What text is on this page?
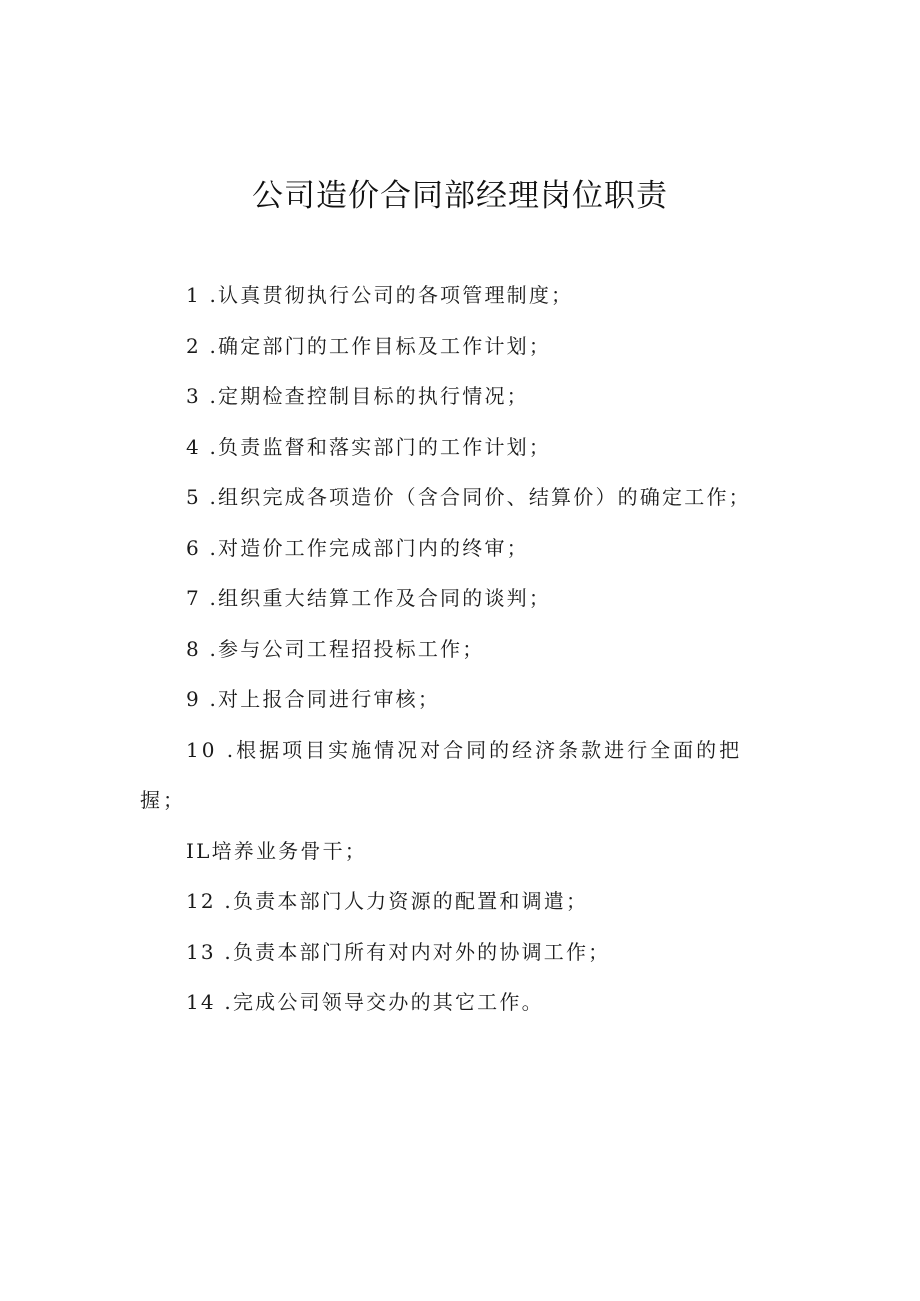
公司造价合同部经理岗位职责
1 .认真贯彻执行公司的各项管理制度；
2 .确定部门的工作目标及工作计划；
3 .定期检查控制目标的执行情况；
4 .负责监督和落实部门的工作计划；
5 .组织完成各项造价（含合同价、结算价）的确定工作；
6 .对造价工作完成部门内的终审；
7 .组织重大结算工作及合同的谈判；
8 .参与公司工程招投标工作；
9 .对上报合同进行审核；
10 .根据项目实施情况对合同的经济条款进行全面的把握；
IL培养业务骨干；
12 .负责本部门人力资源的配置和调遣；
13 .负责本部门所有对内对外的协调工作；
14 .完成公司领导交办的其它工作。
